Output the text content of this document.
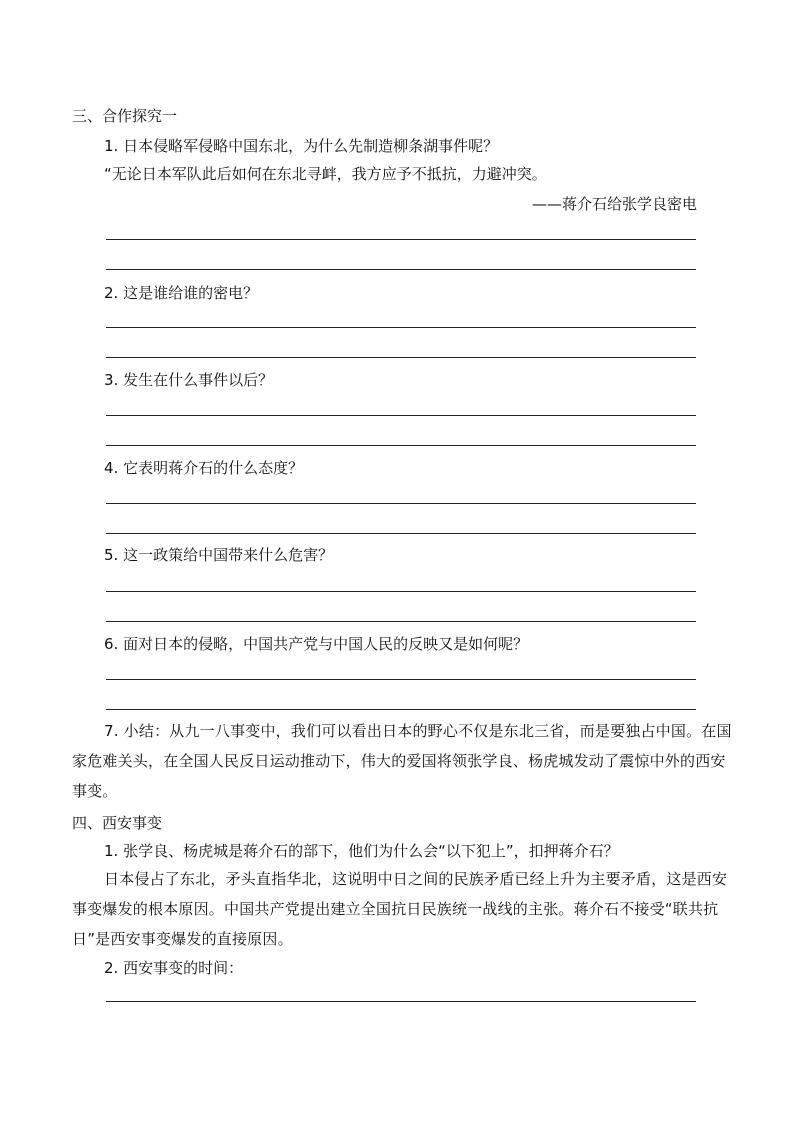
三、合作探究一
1. 日本侵略军侵略中国东北，为什么先制造柳条湖事件呢？
“无论日本军队此后如何在东北寻衅，我方应予不抵抗，力避冲突。
——蒋介石给张学良密电
2. 这是谁给谁的密电？
3. 发生在什么事件以后？
4. 它表明蒋介石的什么态度？
5. 这一政策给中国带来什么危害？
6. 面对日本的侵略，中国共产党与中国人民的反映又是如何呢？
7. 小结：从九一八事变中，我们可以看出日本的野心不仅是东北三省，而是要独占中国。在国家危难关头，在全国人民反日运动推动下，伟大的爱国将领张学良、杨虎城发动了震惊中外的西安事变。
四、西安事变
1. 张学良、杨虎城是蒋介石的部下，他们为什么会“以下犯上”，扣押蒋介石？
日本侵占了东北，矛头直指华北，这说明中日之间的民族矛盾已经上升为主要矛盾，这是西安事变爆发的根本原因。中国共产党提出建立全国抗日民族统一战线的主张。蒋介石不接受“联共抗日”是西安事变爆发的直接原因。
2. 西安事变的时间：
